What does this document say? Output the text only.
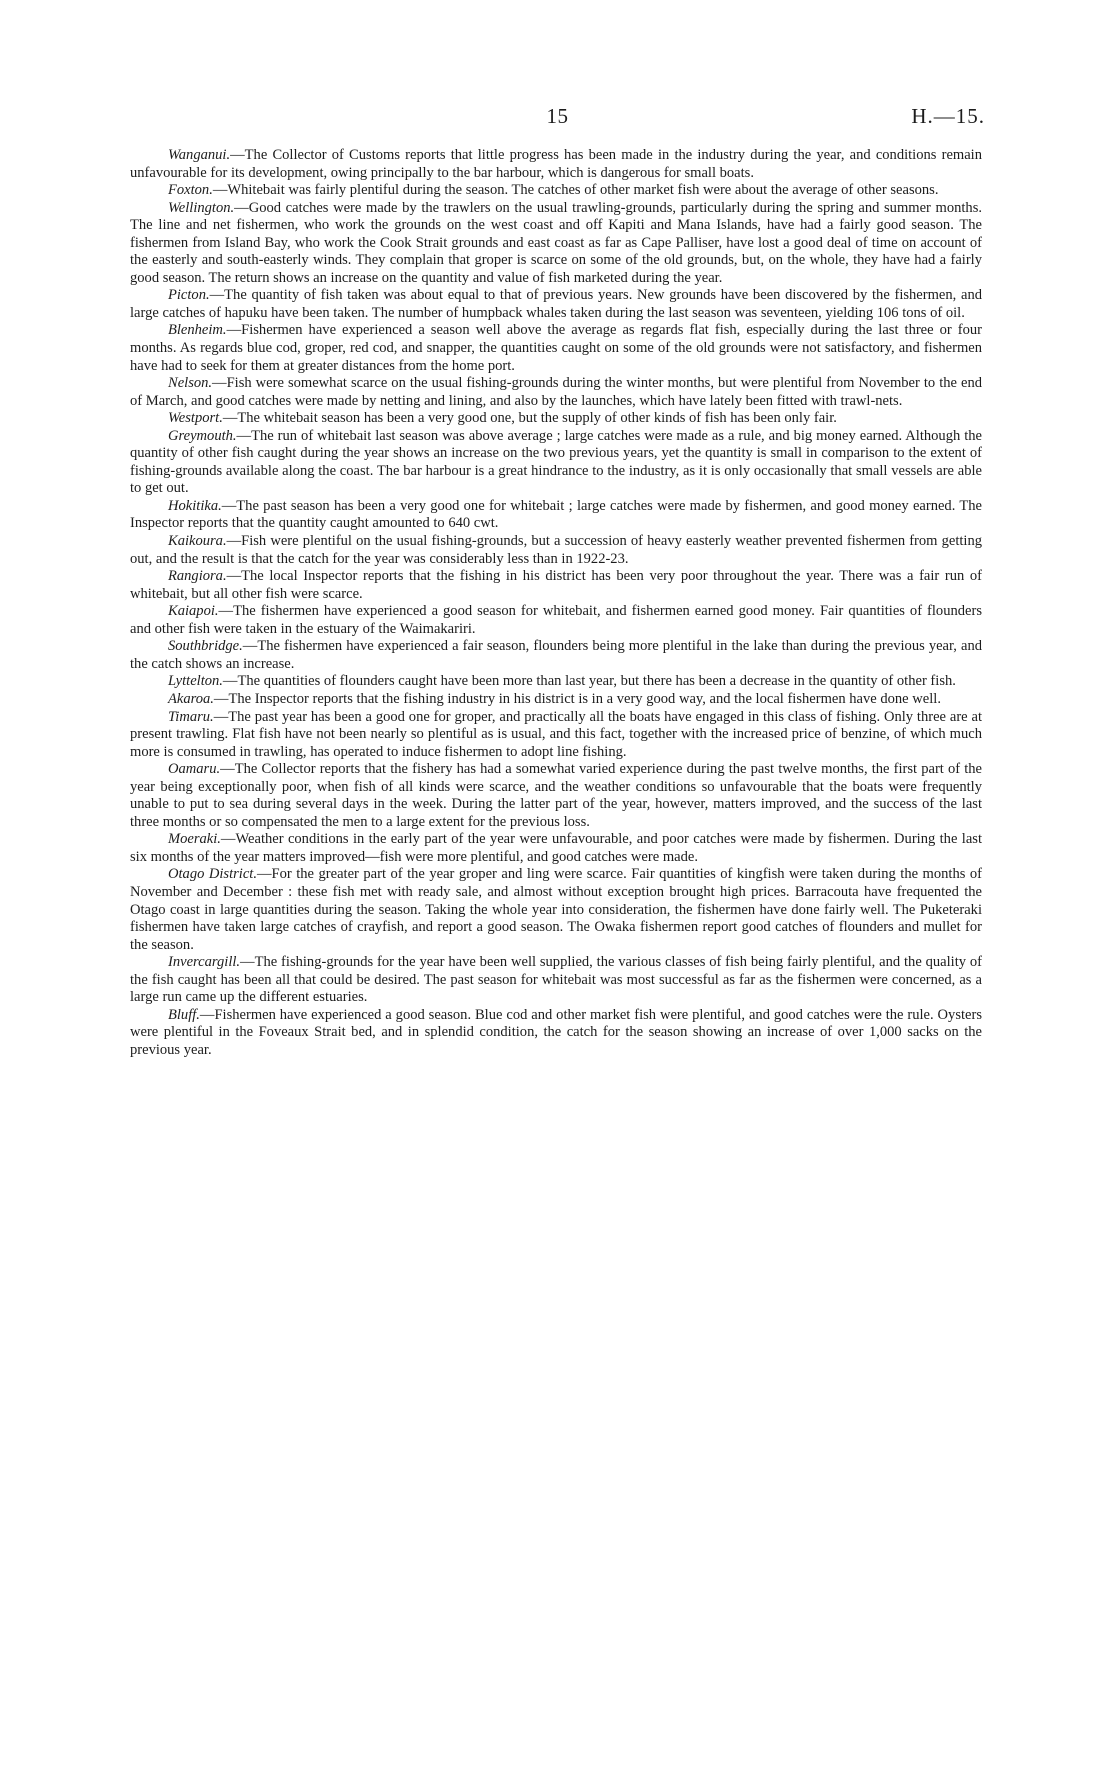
15	H.—15.

Wanganui.—The Collector of Customs reports that little progress has been made in the industry during the year, and conditions remain unfavourable for its development, owing principally to the bar harbour, which is dangerous for small boats.

Foxton.—Whitebait was fairly plentiful during the season. The catches of other market fish were about the average of other seasons.

Wellington.—Good catches were made by the trawlers on the usual trawling-grounds, particularly during the spring and summer months. The line and net fishermen, who work the grounds on the west coast and off Kapiti and Mana Islands, have had a fairly good season. The fishermen from Island Bay, who work the Cook Strait grounds and east coast as far as Cape Palliser, have lost a good deal of time on account of the easterly and south-easterly winds. They complain that groper is scarce on some of the old grounds, but, on the whole, they have had a fairly good season. The return shows an increase on the quantity and value of fish marketed during the year.

Picton.—The quantity of fish taken was about equal to that of previous years. New grounds have been discovered by the fishermen, and large catches of hapuku have been taken. The number of humpback whales taken during the last season was seventeen, yielding 106 tons of oil.

Blenheim.—Fishermen have experienced a season well above the average as regards flat fish, especially during the last three or four months. As regards blue cod, groper, red cod, and snapper, the quantities caught on some of the old grounds were not satisfactory, and fishermen have had to seek for them at greater distances from the home port.

Nelson.—Fish were somewhat scarce on the usual fishing-grounds during the winter months, but were plentiful from November to the end of March, and good catches were made by netting and lining, and also by the launches, which have lately been fitted with trawl-nets.

Westport.—The whitebait season has been a very good one, but the supply of other kinds of fish has been only fair.

Greymouth.—The run of whitebait last season was above average ; large catches were made as a rule, and big money earned. Although the quantity of other fish caught during the year shows an increase on the two previous years, yet the quantity is small in comparison to the extent of fishing-grounds available along the coast. The bar harbour is a great hindrance to the industry, as it is only occasionally that small vessels are able to get out.

Hokitika.—The past season has been a very good one for whitebait ; large catches were made by fishermen, and good money earned. The Inspector reports that the quantity caught amounted to 640 cwt.

Kaikoura.—Fish were plentiful on the usual fishing-grounds, but a succession of heavy easterly weather prevented fishermen from getting out, and the result is that the catch for the year was considerably less than in 1922-23.

Rangiora.—The local Inspector reports that the fishing in his district has been very poor throughout the year. There was a fair run of whitebait, but all other fish were scarce.

Kaiapoi.—The fishermen have experienced a good season for whitebait, and fishermen earned good money. Fair quantities of flounders and other fish were taken in the estuary of the Waimakariri.

Southbridge.—The fishermen have experienced a fair season, flounders being more plentiful in the lake than during the previous year, and the catch shows an increase.

Lyttelton.—The quantities of flounders caught have been more than last year, but there has been a decrease in the quantity of other fish.

Akaroa.—The Inspector reports that the fishing industry in his district is in a very good way, and the local fishermen have done well.

Timaru.—The past year has been a good one for groper, and practically all the boats have engaged in this class of fishing. Only three are at present trawling. Flat fish have not been nearly so plentiful as is usual, and this fact, together with the increased price of benzine, of which much more is consumed in trawling, has operated to induce fishermen to adopt line fishing.

Oamaru.—The Collector reports that the fishery has had a somewhat varied experience during the past twelve months, the first part of the year being exceptionally poor, when fish of all kinds were scarce, and the weather conditions so unfavourable that the boats were frequently unable to put to sea during several days in the week. During the latter part of the year, however, matters improved, and the success of the last three months or so compensated the men to a large extent for the previous loss.

Moeraki.—Weather conditions in the early part of the year were unfavourable, and poor catches were made by fishermen. During the last six months of the year matters improved—fish were more plentiful, and good catches were made.

Otago District.—For the greater part of the year groper and ling were scarce. Fair quantities of kingfish were taken during the months of November and December : these fish met with ready sale, and almost without exception brought high prices. Barracouta have frequented the Otago coast in large quantities during the season. Taking the whole year into consideration, the fishermen have done fairly well. The Puketeraki fishermen have taken large catches of crayfish, and report a good season. The Owaka fishermen report good catches of flounders and mullet for the season.

Invercargill.—The fishing-grounds for the year have been well supplied, the various classes of fish being fairly plentiful, and the quality of the fish caught has been all that could be desired. The past season for whitebait was most successful as far as the fishermen were concerned, as a large run came up the different estuaries.

Bluff.—Fishermen have experienced a good season. Blue cod and other market fish were plentiful, and good catches were the rule. Oysters were plentiful in the Foveaux Strait bed, and in splendid condition, the catch for the season showing an increase of over 1,000 sacks on the previous year.
